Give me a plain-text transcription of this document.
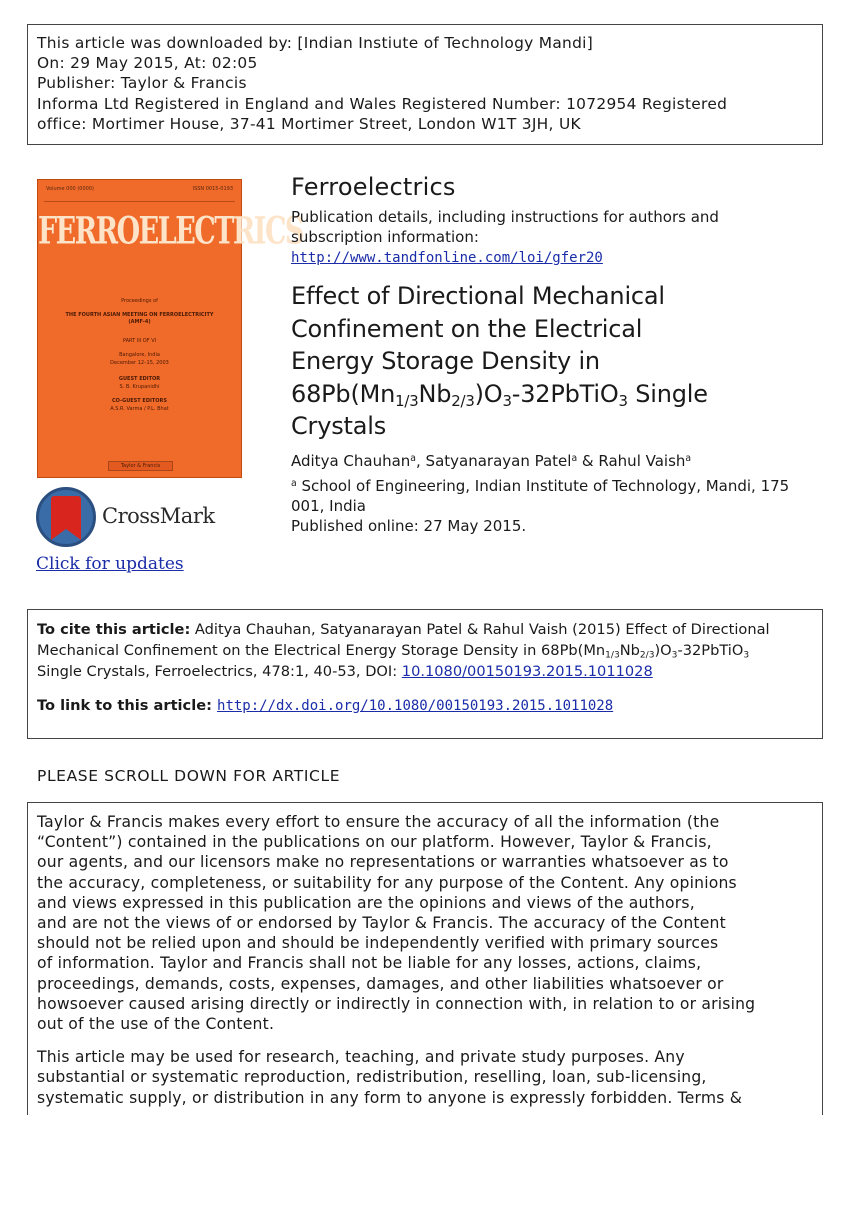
This article was downloaded by: [Indian Instiute of Technology Mandi]

On: 29 May 2015, At: 02:05

Publisher: Taylor & Francis

Informa Ltd Registered in England and Wales Registered Number: 1072954 Registered

office: Mortimer House, 37-41 Mortimer Street, London W1T 3JH, UK

Volume 000 (0000)	ISSN 0015-0193
FERROELECTRICS
Proceedings of
THE FOURTH ASIAN MEETING ON FERROELECTRICITY (AMF-4)
PART III OF VI
Bangalore, India
December 12–15, 2003
GUEST EDITOR
S. B. Krupanidhi
CO-GUEST EDITORS
A.S.R. Varma / P.L. Bhat
Taylor & Francis
CrossMark
Click for updates
Ferroelectrics
Publication details, including instructions for authors and
subscription information:
http://www.tandfonline.com/loi/gfer20
Effect of Directional Mechanical
Confinement on the Electrical
Energy Storage Density in
$68Pb(Mn_{1/3}Nb_{2/3})O_3-32PbTiO_3$ Single
Crystals
Aditya Chauhan$^a$, Satyanarayan Patel$^a$ & Rahul Vaish$^a$
$^a$ School of Engineering, Indian Institute of Technology, Mandi, 175
001, India
Published online: 27 May 2015.

To cite this article: Aditya Chauhan, Satyanarayan Patel & Rahul Vaish (2015) Effect of Directional

Mechanical Confinement on the Electrical Energy Storage Density in $68Pb(Mn_{1/3}Nb_{2/3})O_3-32PbTiO_3$

Single Crystals, Ferroelectrics, 478:1, 40-53, DOI: 10.1080/00150193.2015.1011028

To link to this article: http://dx.doi.org/10.1080/00150193.2015.1011028

PLEASE SCROLL DOWN FOR ARTICLE

Taylor & Francis makes every effort to ensure the accuracy of all the information (the
“Content”) contained in the publications on our platform. However, Taylor & Francis,
our agents, and our licensors make no representations or warranties whatsoever as to
the accuracy, completeness, or suitability for any purpose of the Content. Any opinions
and views expressed in this publication are the opinions and views of the authors,
and are not the views of or endorsed by Taylor & Francis. The accuracy of the Content
should not be relied upon and should be independently verified with primary sources
of information. Taylor and Francis shall not be liable for any losses, actions, claims,
proceedings, demands, costs, expenses, damages, and other liabilities whatsoever or
howsoever caused arising directly or indirectly in connection with, in relation to or arising
out of the use of the Content.

This article may be used for research, teaching, and private study purposes. Any
substantial or systematic reproduction, redistribution, reselling, loan, sub-licensing,
systematic supply, or distribution in any form to anyone is expressly forbidden. Terms &
